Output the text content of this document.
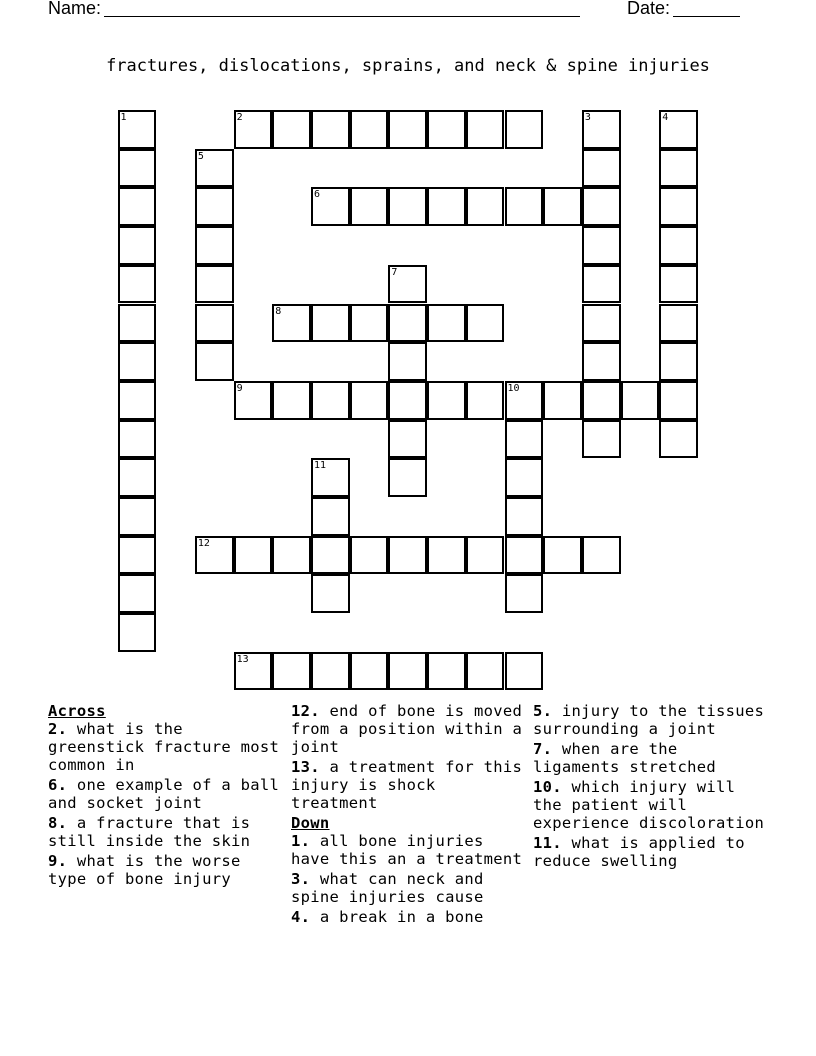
Name:	Date:
fractures, dislocations, sprains, and neck & spine injuries
1	2	3	4
5
6
7
8
9	10
11
12
13
Across
2. what is the greenstick fracture most common in
6. one example of a ball and socket joint
8. a fracture that is still inside the skin
9. what is the worse type of bone injury
12. end of bone is moved from a position within a joint
13. a treatment for this injury is shock treatment
Down
1. all bone injuries have this an a treatment
3. what can neck and spine injuries cause
4. a break in a bone
5. injury to the tissues surrounding a joint
7. when are the ligaments stretched
10. which injury will the patient will experience discoloration
11. what is applied to reduce swelling
